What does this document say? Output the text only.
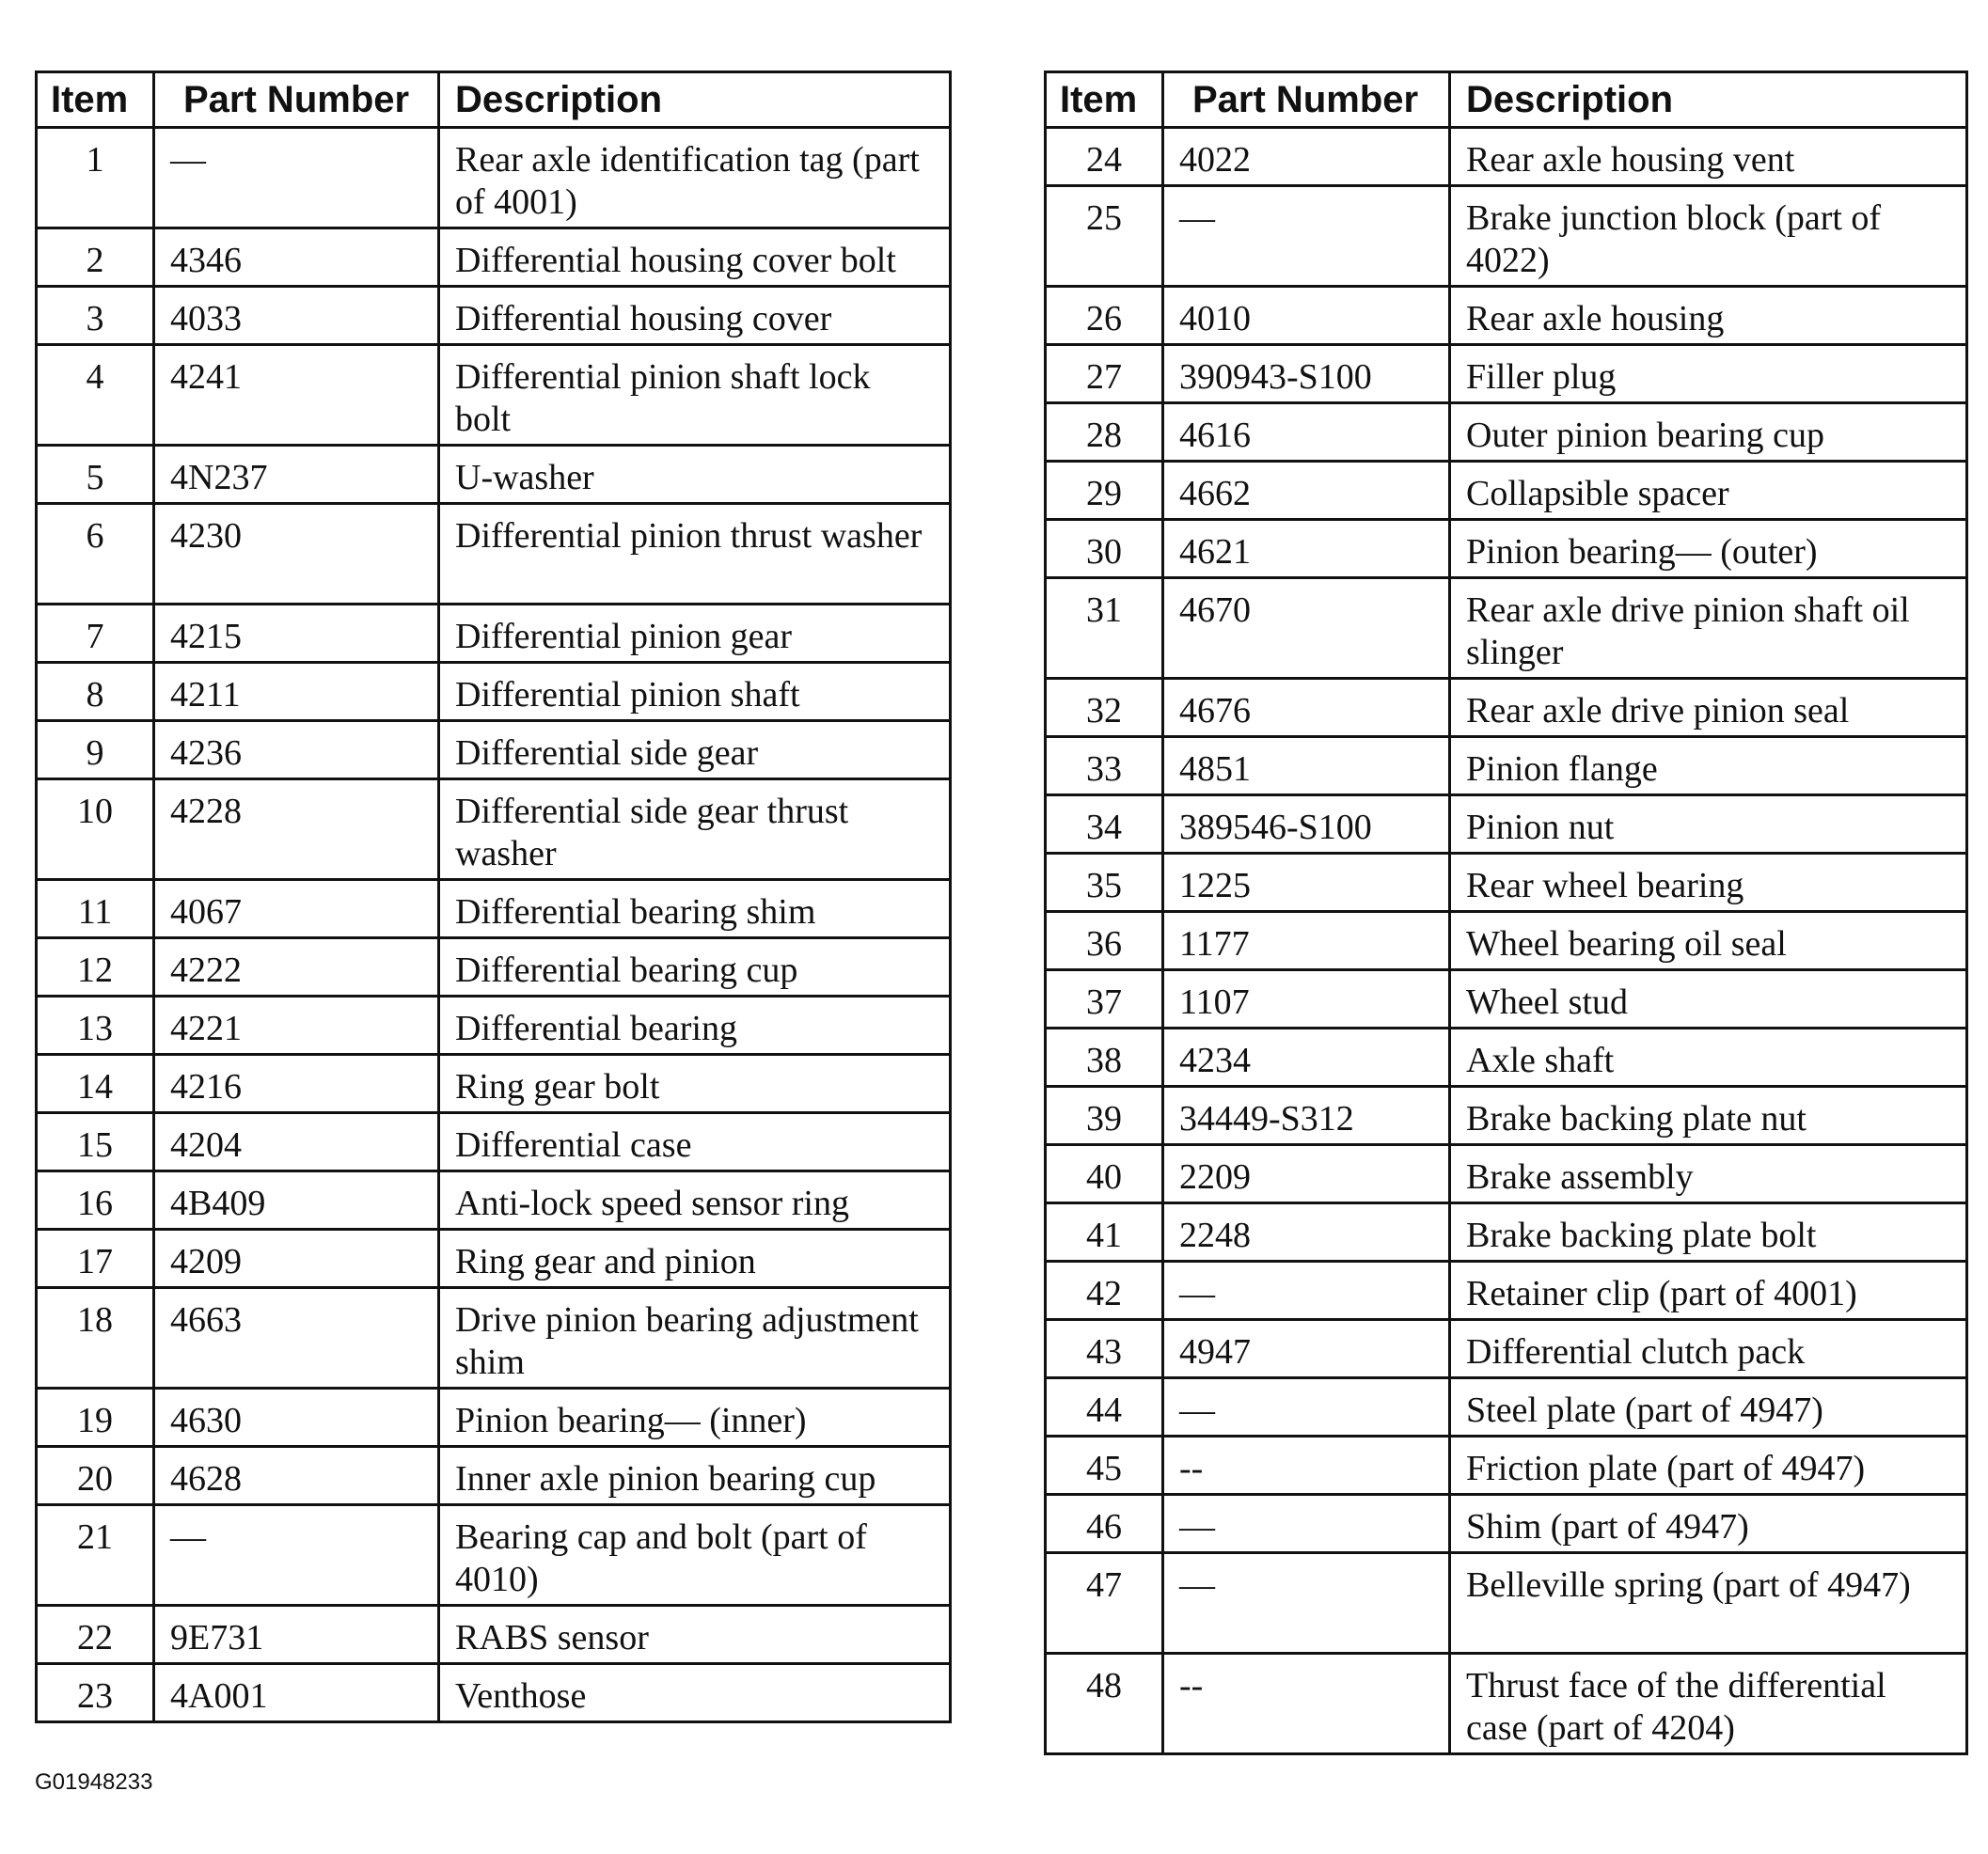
Item	Part Number	Description
1	—	Rear axle identification tag (part of 4001)
2	4346	Differential housing cover bolt
3	4033	Differential housing cover
4	4241	Differential pinion shaft lock bolt
5	4N237	U-washer
6	4230	Differential pinion thrust washer
7	4215	Differential pinion gear
8	4211	Differential pinion shaft
9	4236	Differential side gear
10	4228	Differential side gear thrust washer
11	4067	Differential bearing shim
12	4222	Differential bearing cup
13	4221	Differential bearing
14	4216	Ring gear bolt
15	4204	Differential case
16	4B409	Anti-lock speed sensor ring
17	4209	Ring gear and pinion
18	4663	Drive pinion bearing adjustment shim
19	4630	Pinion bearing— (inner)
20	4628	Inner axle pinion bearing cup
21	—	Bearing cap and bolt (part of 4010)
22	9E731	RABS sensor
23	4A001	Venthose
Item	Part Number	Description
24	4022	Rear axle housing vent
25	—	Brake junction block (part of 4022)
26	4010	Rear axle housing
27	390943-S100	Filler plug
28	4616	Outer pinion bearing cup
29	4662	Collapsible spacer
30	4621	Pinion bearing— (outer)
31	4670	Rear axle drive pinion shaft oil slinger
32	4676	Rear axle drive pinion seal
33	4851	Pinion flange
34	389546-S100	Pinion nut
35	1225	Rear wheel bearing
36	1177	Wheel bearing oil seal
37	1107	Wheel stud
38	4234	Axle shaft
39	34449-S312	Brake backing plate nut
40	2209	Brake assembly
41	2248	Brake backing plate bolt
42	—	Retainer clip (part of 4001)
43	4947	Differential clutch pack
44	—	Steel plate (part of 4947)
45	--	Friction plate (part of 4947)
46	—	Shim (part of 4947)
47	—	Belleville spring (part of 4947)
48	--	Thrust face of the differential case (part of 4204)
G01948233
